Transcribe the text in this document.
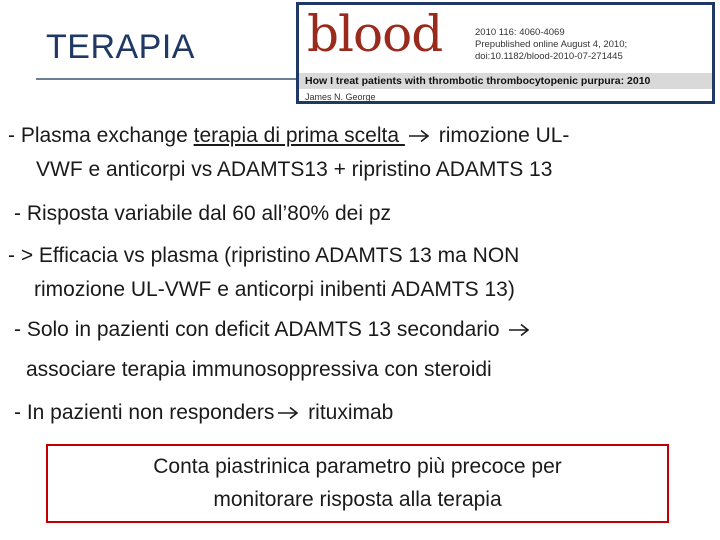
TERAPIA blood	2010 116: 4060-4069
Prepublished online August 4, 2010;
doi:10.1182/blood-2010-07-271445
How I treat patients with thrombotic thrombocytopenic purpura: 2010
James N. George
- Plasma exchange terapia di prima scelta  rimozione UL-
VWF e anticorpi vs ADAMTS13 + ripristino ADAMTS 13
- Risposta variabile dal 60 all’80% dei pz
- > Efficacia vs plasma (ripristino ADAMTS 13 ma NON
rimozione UL-VWF e anticorpi inibenti ADAMTS 13)
- Solo in pazienti con deficit ADAMTS 13 secondario
associare terapia immunosoppressiva con steroidi
- In pazienti non responders rituximab
Conta piastrinica parametro più precoce per
monitorare risposta alla terapia
